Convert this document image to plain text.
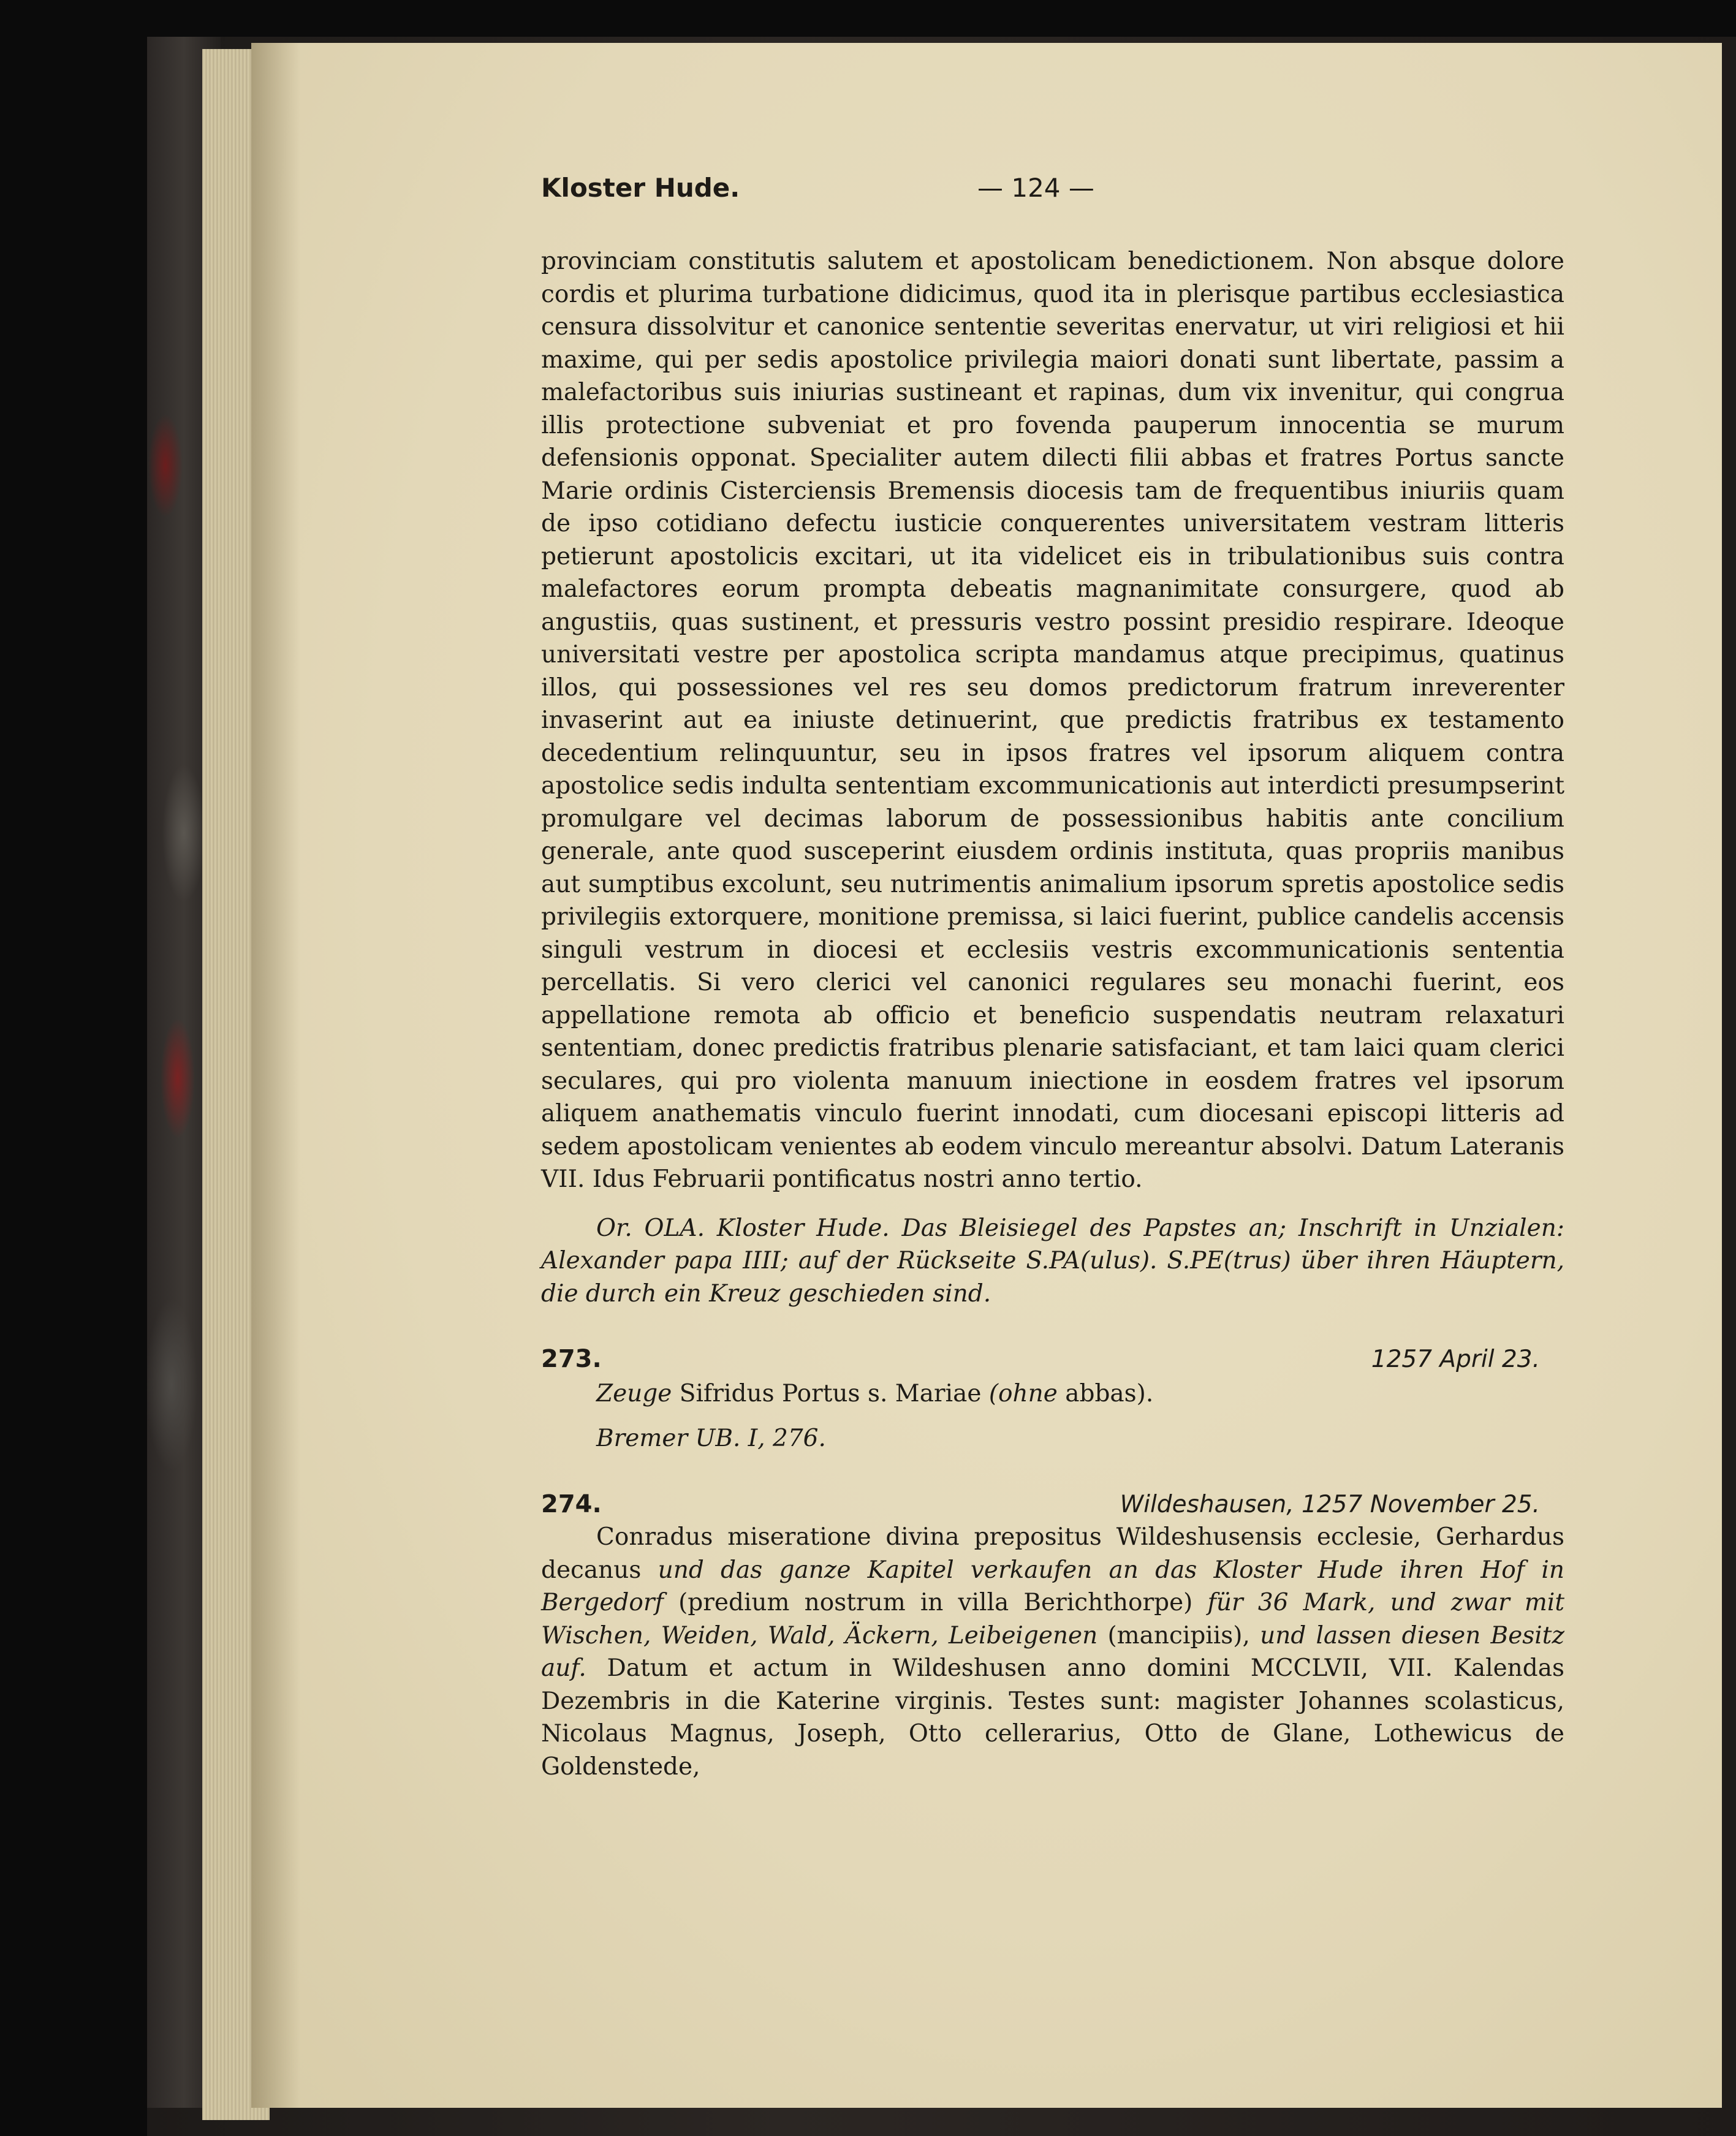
Kloster Hude.	— 124 —

provinciam constitutis salutem et apostolicam benedictionem. Non absque dolore cordis et plurima turbatione didicimus, quod ita in plerisque partibus ecclesiastica censura dissolvitur et canonice sententie severitas enervatur, ut viri religiosi et hii maxime, qui per sedis apostolice privilegia maiori donati sunt libertate, passim a malefactoribus suis iniurias sustineant et rapinas, dum vix invenitur, qui congrua illis protectione subveniat et pro fovenda pauperum innocentia se murum defensionis opponat. Specialiter autem dilecti filii abbas et fratres Portus sancte Marie ordinis Cisterciensis Bremensis diocesis tam de frequentibus iniuriis quam de ipso cotidiano defectu iusticie conquerentes universitatem vestram litteris petierunt apostolicis excitari, ut ita videlicet eis in tribulationibus suis contra malefactores eorum prompta debeatis magnanimitate consurgere, quod ab angustiis, quas sustinent, et pressuris vestro possint presidio respirare. Ideoque universitati vestre per apostolica scripta mandamus atque precipimus, quatinus illos, qui possessiones vel res seu domos predictorum fratrum inreverenter invaserint aut ea iniuste detinuerint, que predictis fratribus ex testamento decedentium relinquuntur, seu in ipsos fratres vel ipsorum aliquem contra apostolice sedis indulta sententiam excommunicationis aut interdicti presumpserint promulgare vel decimas laborum de possessionibus habitis ante concilium generale, ante quod susceperint eiusdem ordinis instituta, quas propriis manibus aut sumptibus excolunt, seu nutrimentis animalium ipsorum spretis apostolice sedis privilegiis extorquere, monitione premissa, si laici fuerint, publice candelis accensis singuli vestrum in diocesi et ecclesiis vestris excommunicationis sententia percellatis. Si vero clerici vel canonici regulares seu monachi fuerint, eos appellatione remota ab officio et beneficio suspendatis neutram relaxaturi sententiam, donec predictis fratribus plenarie satisfaciant, et tam laici quam clerici seculares, qui pro violenta manuum iniectione in eosdem fratres vel ipsorum aliquem anathematis vinculo fuerint innodati, cum diocesani episcopi litteris ad sedem apostolicam venientes ab eodem vinculo mereantur absolvi. Datum Lateranis VII. Idus Februarii pontificatus nostri anno tertio.

Or. OLA. Kloster Hude. Das Bleisiegel des Papstes an; Inschrift in Unzialen: Alexander papa IIII; auf der Rückseite S.PA(ulus). S.PE(trus) über ihren Häuptern, die durch ein Kreuz geschieden sind.

273.	1257 April 23.
Zeuge Sifridus Portus s. Mariae (ohne abbas).
Bremer UB. I, 276.
274.	Wildeshausen, 1257 November 25.

Conradus miseratione divina prepositus Wildeshusensis ecclesie, Gerhardus decanus und das ganze Kapitel verkaufen an das Kloster Hude ihren Hof in Bergedorf (predium nostrum in villa Berichthorpe) für 36 Mark, und zwar mit Wischen, Weiden, Wald, Äckern, Leibeigenen (mancipiis), und lassen diesen Besitz auf. Datum et actum in Wildeshusen anno domini MCCLVII, VII. Kalendas Dezembris in die Katerine virginis. Testes sunt: magister Johannes scolasticus, Nicolaus Magnus, Joseph, Otto cellerarius, Otto de Glane, Lothewicus de Goldenstede,
